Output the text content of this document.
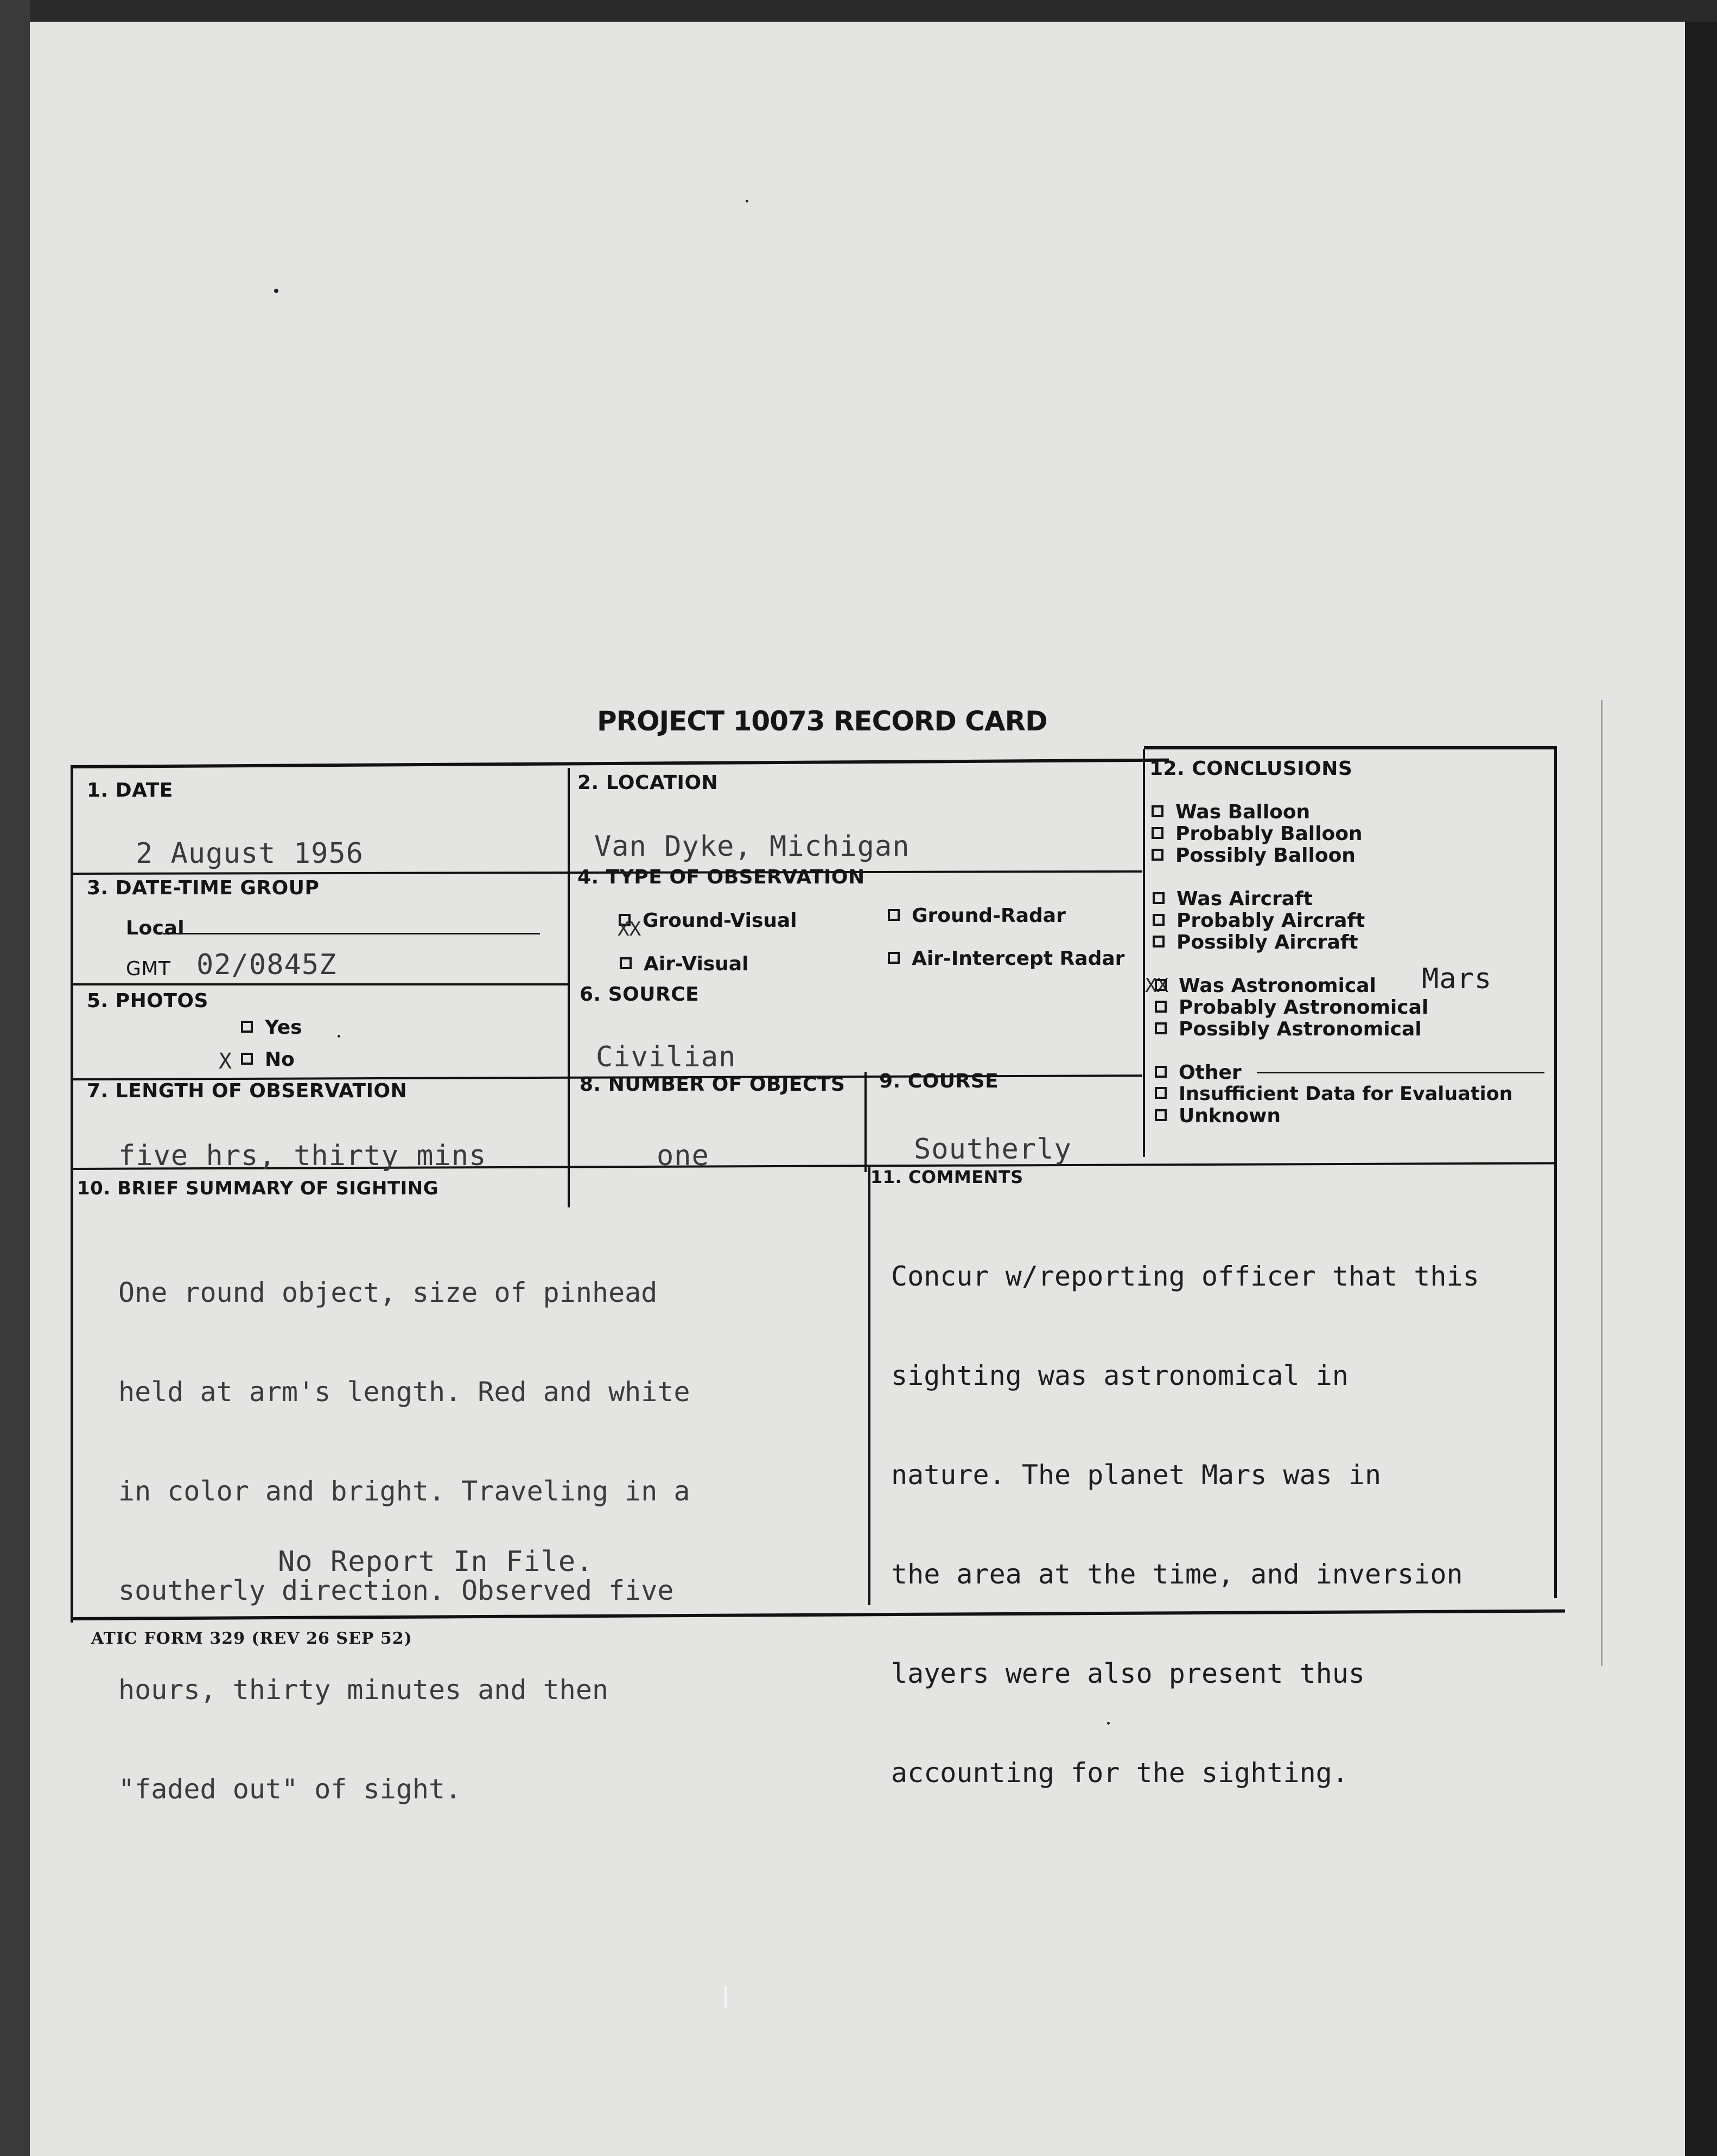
PROJECT 10073 RECORD CARD
1. DATE
2 August 1956
2. LOCATION
Van Dyke, Michigan
3. DATE-TIME GROUP
Local
GMT 02/0845Z
4. TYPE OF OBSERVATION
Ground-Visual
XX
Ground-Radar
Air-Visual	Air-Intercept Radar
5. PHOTOS
Yes
X	No
6. SOURCE
Civilian
7. LENGTH OF OBSERVATION
five hrs, thirty mins
8. NUMBER OF OBJECTS
one
9. COURSE
Southerly
10. BRIEF SUMMARY OF SIGHTING

One round object, size of pinhead

held at arm's length. Red and white

in color and bright. Traveling in a

southerly direction. Observed five

hours, thirty minutes and then

"faded out" of sight.

No Report In File.
11. COMMENTS

Concur w/reporting officer that this

sighting was astronomical in

nature. The planet Mars was in

the area at the time, and inversion

layers were also present thus

accounting for the sighting.

12. CONCLUSIONS
Was Balloon
Probably Balloon
Possibly Balloon
Was Aircraft
Probably Aircraft
Possibly Aircraft
XX Was Astronomical Mars
Probably Astronomical
Possibly Astronomical
Other
Insufficient Data for Evaluation
Unknown
ATIC FORM 329 (REV 26 SEP 52)
